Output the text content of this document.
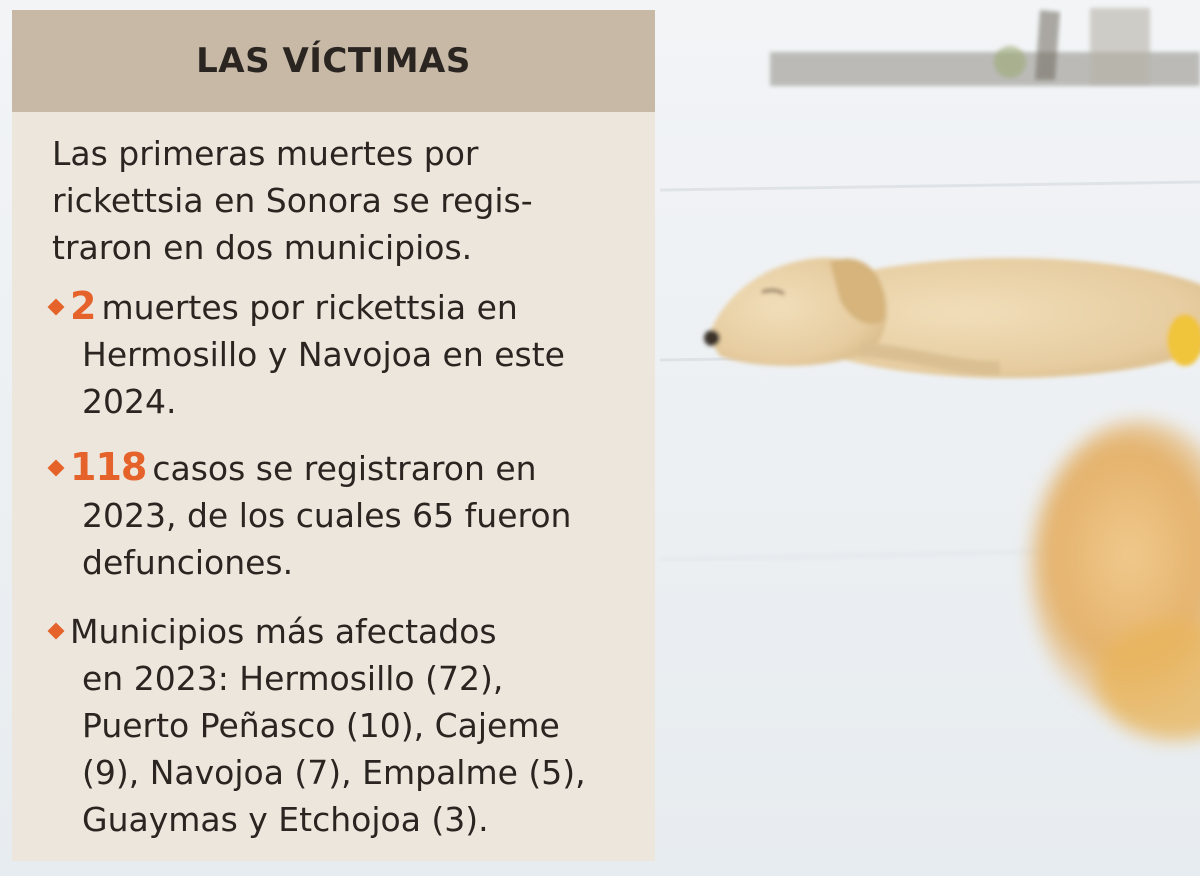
LAS VÍCTIMAS

Las primeras muertes por
rickettsia en Sonora se regis-
traron en dos municipios.

2 muertes por rickettsia en
Hermosillo y Navojoa en este
2024.
118 casos se registraron en
2023, de los cuales 65 fueron
defunciones.
Municipios más afectados
en 2023: Hermosillo (72),
Puerto Peñasco (10), Cajeme
(9), Navojoa (7), Empalme (5),
Guaymas y Etchojoa (3).
